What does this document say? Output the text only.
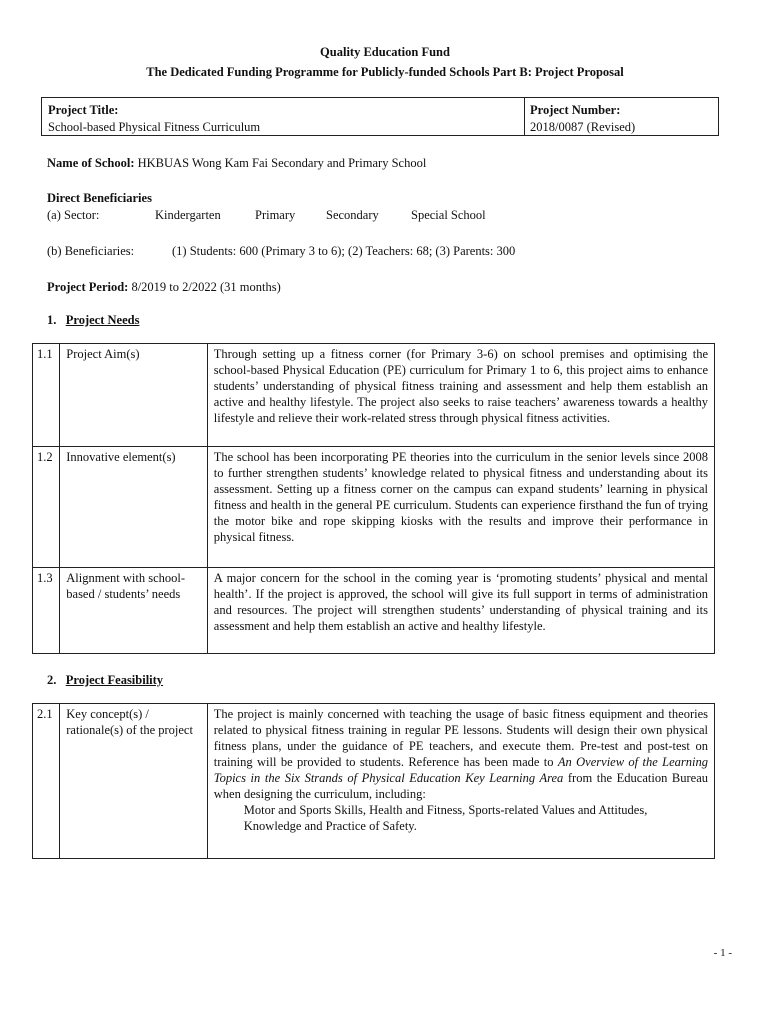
Quality Education Fund
The Dedicated Funding Programme for Publicly-funded Schools Part B: Project Proposal
Project Title:
School-based Physical Fitness Curriculum
Project Number:
2018/0087 (Revised)
Name of School: HKBUAS Wong Kam Fai Secondary and Primary School
Direct Beneficiaries
(a) Sector:	Kindergarten	Primary Secondary	Special School
(b) Beneficiaries:	(1) Students: 600 (Primary 3 to 6); (2) Teachers: 68; (3) Parents: 300
Project Period: 8/2019 to 2/2022 (31 months)
1. Project Needs
1.1	Project Aim(s)	Through setting up a fitness corner (for Primary 3-6) on school premises and optimising the school-based Physical Education (PE) curriculum for Primary 1 to 6, this project aims to enhance students’ understanding of physical fitness training and assessment and help them establish an active and healthy lifestyle. The project also seeks to raise teachers’ awareness towards a healthy lifestyle and relieve their work-related stress through physical fitness activities.
1.2	Innovative element(s)	The school has been incorporating PE theories into the curriculum in the senior levels since 2008 to further strengthen students’ knowledge related to physical fitness and understanding about its assessment. Setting up a fitness corner on the campus can expand students’ learning in physical fitness and health in the general PE curriculum. Students can experience firsthand the fun of trying the motor bike and rope skipping kiosks with the results and improve their performance in physical fitness.
1.3	Alignment with school-based / students’ needs	A major concern for the school in the coming year is ‘promoting students’ physical and mental health’. If the project is approved, the school will give its full support in terms of administration and resources. The project will strengthen students’ understanding of physical training and its assessment and help them establish an active and healthy lifestyle.
2. Project Feasibility
2.1	Key concept(s) / rationale(s) of the project	The project is mainly concerned with teaching the usage of basic fitness equipment and theories related to physical fitness training in regular PE lessons. Students will design their own physical fitness plans, under the guidance of PE teachers, and execute them. Pre-test and post-test on training will be provided to students. Reference has been made to An Overview of the Learning Topics in the Six Strands of Physical Education Key Learning Area from the Education Bureau when designing the curriculum, including:
Motor and Sports Skills, Health and Fitness, Sports-related Values and Attitudes, Knowledge and Practice of Safety.
- 1 -
